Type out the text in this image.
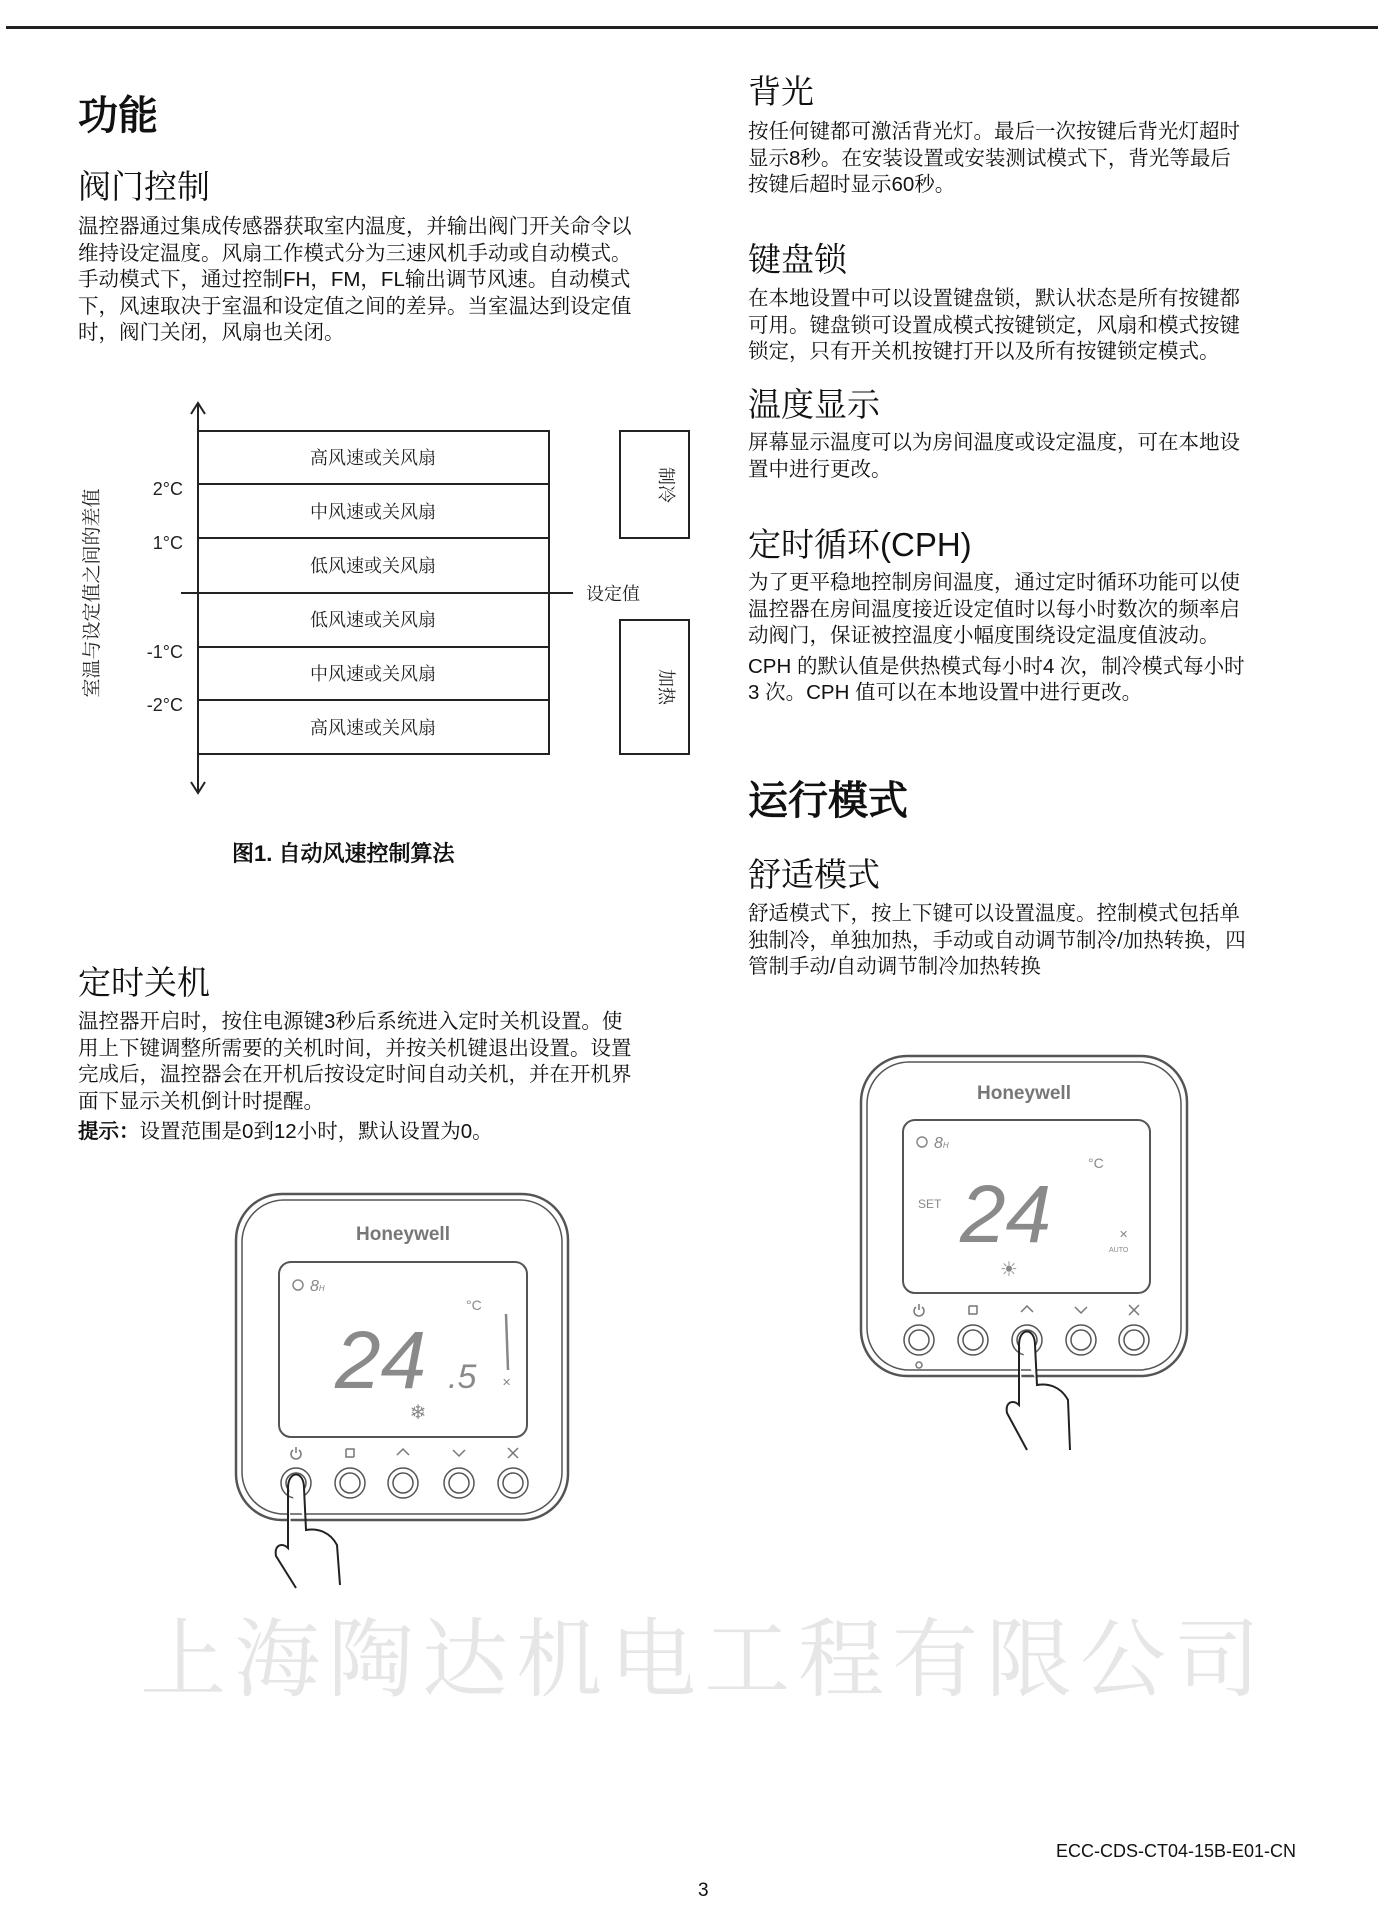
上海陶达机电工程有限公司
功能
阀门控制

温控器通过集成传感器获取室内温度，并输出阀门开关命令以

维持设定温度。风扇工作模式分为三速风机手动或自动模式。

手动模式下，通过控制FH，FM，FL输出调节风速。自动模式

下，风速取决于室温和设定值之间的差异。当室温达到设定值

时，阀门关闭，风扇也关闭。

图1. 自动风速控制算法
定时关机

温控器开启时，按住电源键3秒后系统进入定时关机设置。使

用上下键调整所需要的关机时间，并按关机键退出设置。设置

完成后，温控器会在开机后按设定时间自动关机，并在开机界

面下显示关机倒计时提醒。

提示：设置范围是0到12小时，默认设置为0。

背光

按任何键都可激活背光灯。最后一次按键后背光灯超时

显示8秒。在安装设置或安装测试模式下，背光等最后

按键后超时显示60秒。

键盘锁

在本地设置中可以设置键盘锁，默认状态是所有按键都

可用。键盘锁可设置成模式按键锁定，风扇和模式按键

锁定，只有开关机按键打开以及所有按键锁定模式。

温度显示

屏幕显示温度可以为房间温度或设定温度，可在本地设

置中进行更改。

定时循环(CPH)

为了更平稳地控制房间温度，通过定时循环功能可以使

温控器在房间温度接近设定值时以每小时数次的频率启

动阀门，保证被控温度小幅度围绕设定温度值波动。

CPH 的默认值是供热模式每小时4 次，制冷模式每小时

3 次。CPH 值可以在本地设置中进行更改。

运行模式
舒适模式

舒适模式下，按上下键可以设置温度。控制模式包括单

独制冷，单独加热，手动或自动调节制冷/加热转换，四

管制手动/自动调节制冷加热转换

ECC-CDS-CT04-15B-E01-CN
3
高风速或关风扇
中风速或关风扇
低风速或关风扇
低风速或关风扇
中风速或关风扇
高风速或关风扇
2°C
1°C
-1°C
-2°C
设定值
制冷
加热
室温与设定值之间的差值
Honeywell
8H
24 .5
°C
✕
❄
Honeywell
8H
SET 24
°C
✕
AUTO
☀
